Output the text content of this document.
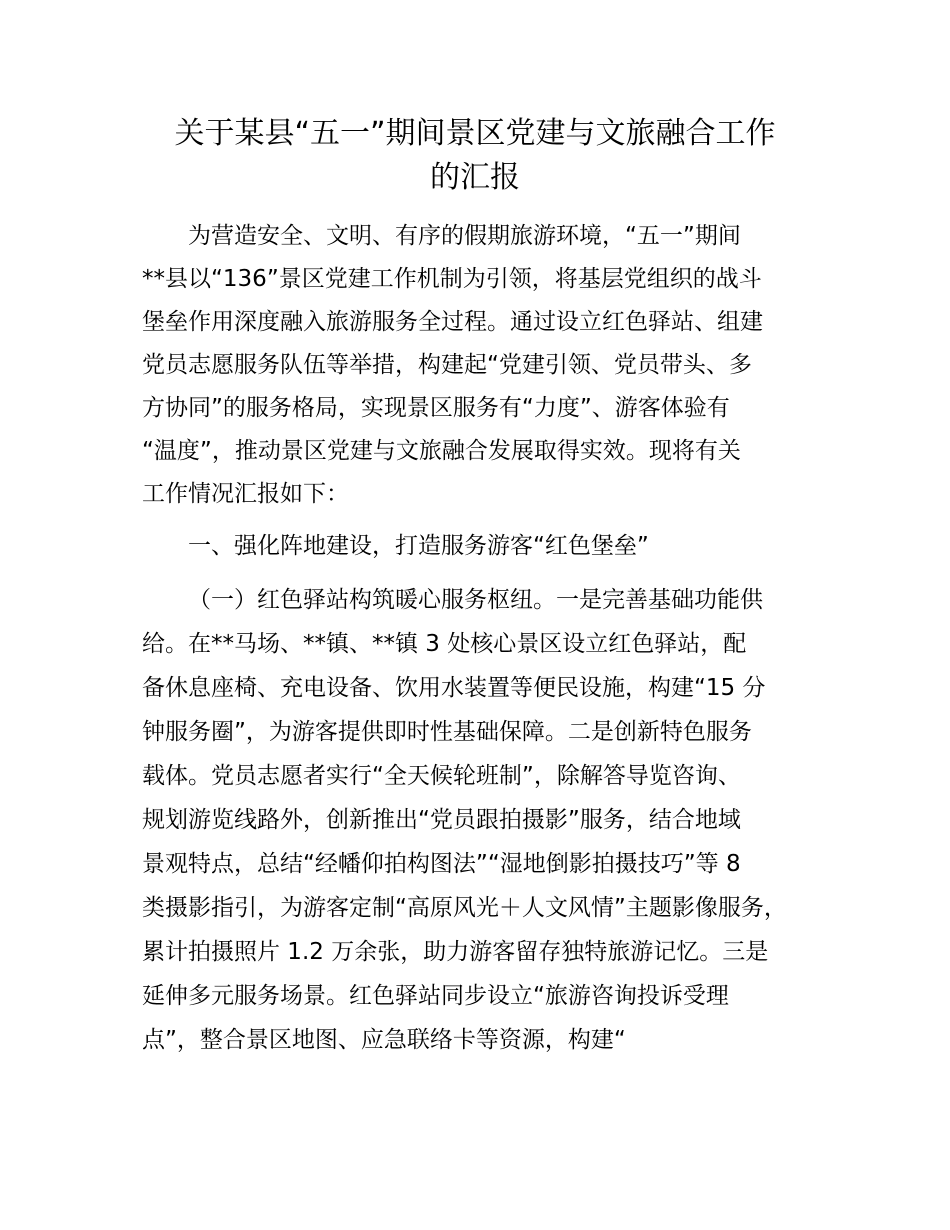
关于某县“五一”期间景区党建与文旅融合工作
的汇报

为营造安全、文明、有序的假期旅游环境，“五一”期间

**县以“136”景区党建工作机制为引领，将基层党组织的战斗

堡垒作用深度融入旅游服务全过程。通过设立红色驿站、组建

党员志愿服务队伍等举措，构建起“党建引领、党员带头、多

方协同”的服务格局，实现景区服务有“力度”、游客体验有

“温度”，推动景区党建与文旅融合发展取得实效。现将有关

工作情况汇报如下：

一、强化阵地建设，打造服务游客“红色堡垒”

（一）红色驿站构筑暖心服务枢纽。一是完善基础功能供

给。在**马场、**镇、**镇 3 处核心景区设立红色驿站，配

备休息座椅、充电设备、饮用水装置等便民设施，构建“15 分

钟服务圈”，为游客提供即时性基础保障。二是创新特色服务

载体。党员志愿者实行“全天候轮班制”，除解答导览咨询、

规划游览线路外，创新推出“党员跟拍摄影”服务，结合地域

景观特点，总结“经幡仰拍构图法”“湿地倒影拍摄技巧”等 8

类摄影指引，为游客定制“高原风光＋人文风情”主题影像服务，

累计拍摄照片 1.2 万余张，助力游客留存独特旅游记忆。三是

延伸多元服务场景。红色驿站同步设立“旅游咨询投诉受理

点”，整合景区地图、应急联络卡等资源，构建“
